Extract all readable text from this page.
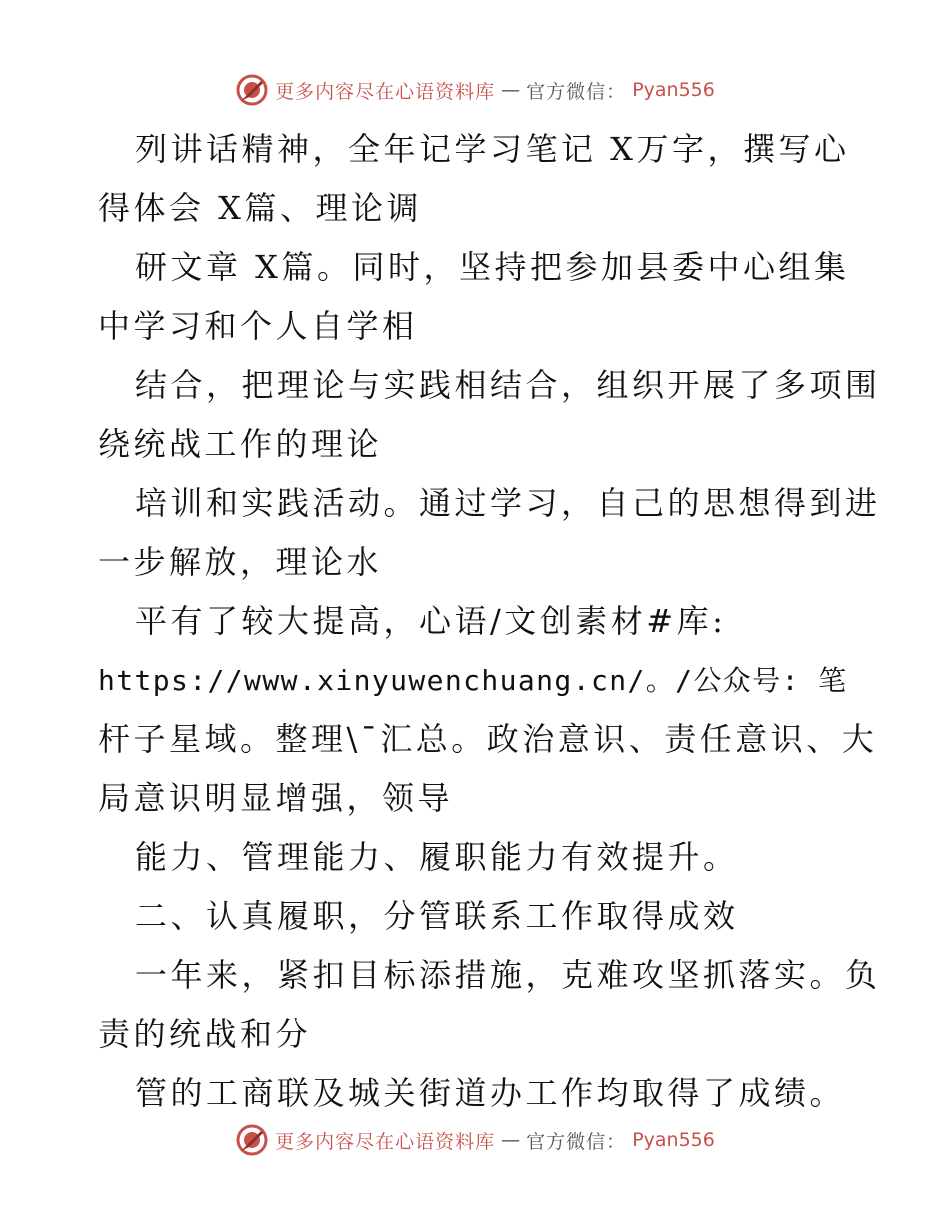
更多内容尽在心语资料库 — 官方微信： Pyan556
列讲话精神，全年记学习笔记 X万字，撰写心
得体会 X篇、理论调
研文章 X篇。同时，坚持把参加县委中心组集
中学习和个人自学相
结合，把理论与实践相结合，组织开展了多项围
绕统战工作的理论
培训和实践活动。通过学习，自己的思想得到进
一步解放，理论水
平有了较大提高，心语/文创素材#库:
https://www.xinyuwenchuang.cn/。/公众号: 笔
杆子星域。整理\¯汇总。政治意识、责任意识、大
局意识明显增强，领导
能力、管理能力、履职能力有效提升。
二、认真履职，分管联系工作取得成效
一年来，紧扣目标添措施，克难攻坚抓落实。负
责的统战和分
管的工商联及城关街道办工作均取得了成绩。
更多内容尽在心语资料库 — 官方微信： Pyan556
